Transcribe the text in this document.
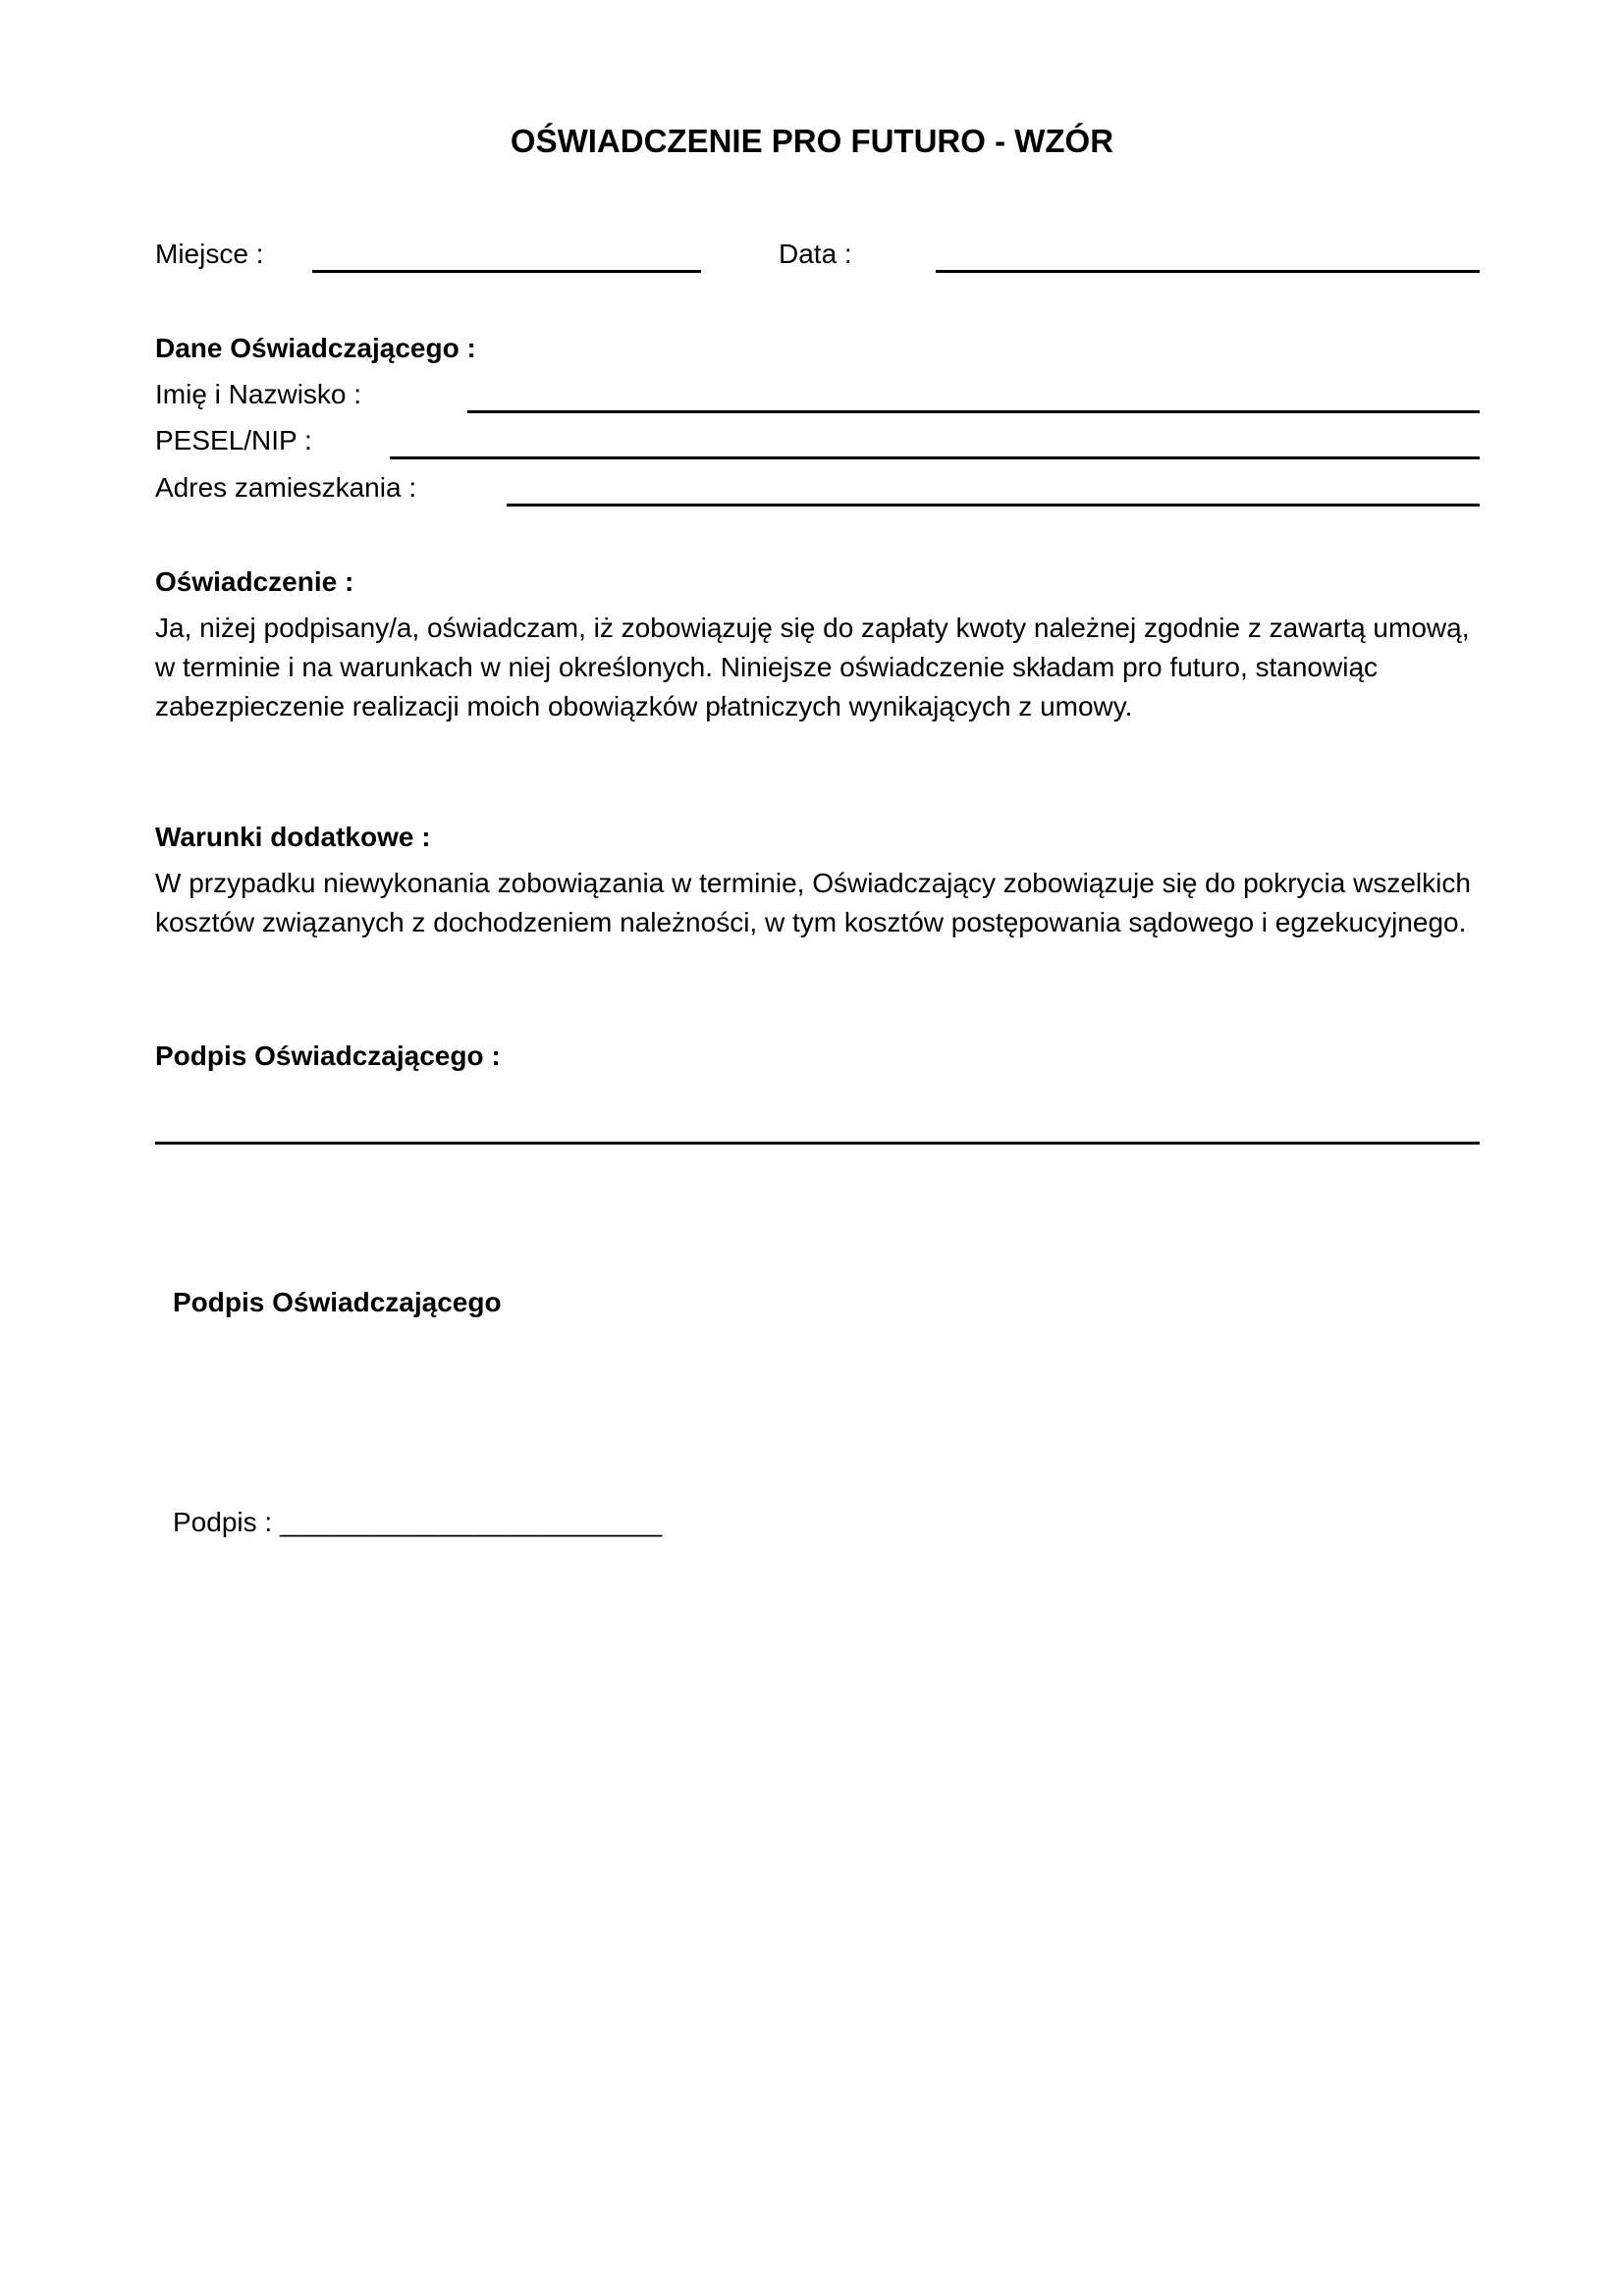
OŚWIADCZENIE PRO FUTURO - WZÓR
Miejsce :	Data :
Dane Oświadczającego :
Imię i Nazwisko :
PESEL/NIP :
Adres zamieszkania :
Oświadczenie :
Ja, niżej podpisany/a, oświadczam, iż zobowiązuję się do zapłaty kwoty należnej zgodnie z zawartą umową,
w terminie i na warunkach w niej określonych. Niniejsze oświadczenie składam pro futuro, stanowiąc
zabezpieczenie realizacji moich obowiązków płatniczych wynikających z umowy.
Warunki dodatkowe :
W przypadku niewykonania zobowiązania w terminie, Oświadczający zobowiązuje się do pokrycia wszelkich
kosztów związanych z dochodzeniem należności, w tym kosztów postępowania sądowego i egzekucyjnego.
Podpis Oświadczającego :
Podpis Oświadczającego
Podpis : _________________________
